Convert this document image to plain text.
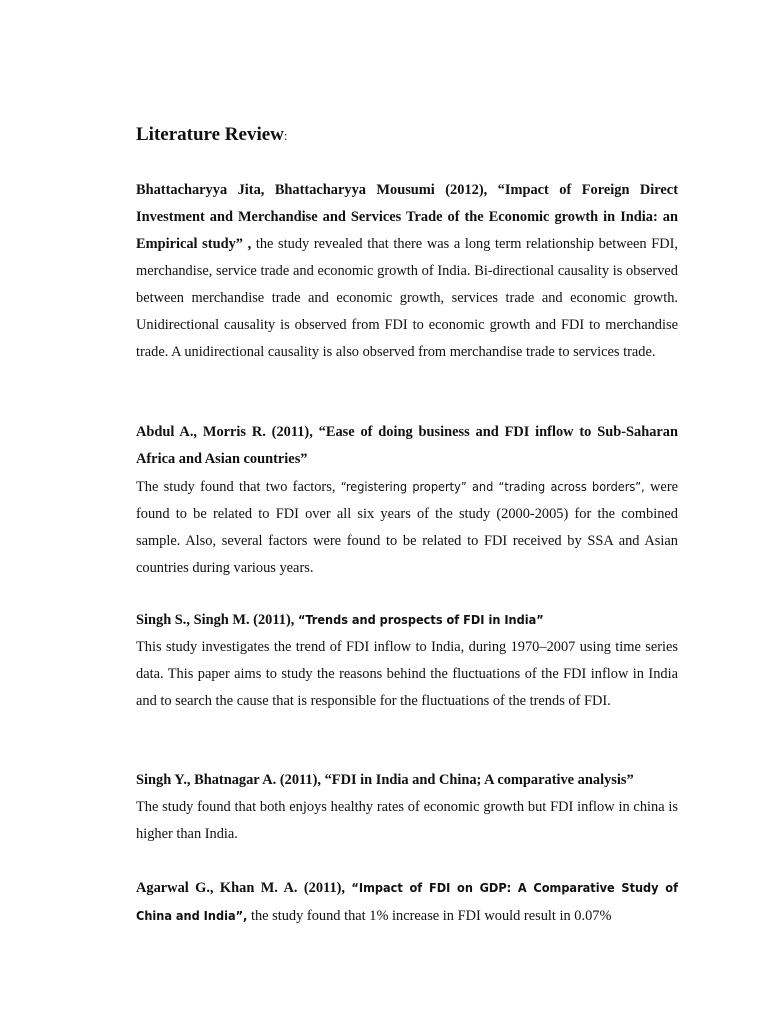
Literature Review:

Bhattacharyya Jita, Bhattacharyya Mousumi (2012), “Impact of Foreign Direct Investment and Merchandise and Services Trade of the Economic growth in India: an Empirical study” , the study revealed that there was a long term relationship between FDI, merchandise, service trade and economic growth of India. Bi-directional causality is observed between merchandise trade and economic growth, services trade and economic growth. Unidirectional causality is observed from FDI to economic growth and FDI to merchandise trade. A unidirectional causality is also observed from merchandise trade to services trade.

Abdul A., Morris R. (2011), “Ease of doing business and FDI inflow to Sub-Saharan Africa and Asian countries”

The study found that two factors, “registering property” and “trading across borders”, were found to be related to FDI over all six years of the study (2000-2005) for the combined sample. Also, several factors were found to be related to FDI received by SSA and Asian countries during various years.

Singh S., Singh M. (2011), “Trends and prospects of FDI in India”

This study investigates the trend of FDI inflow to India, during 1970–2007 using time series data. This paper aims to study the reasons behind the fluctuations of the FDI inflow in India and to search the cause that is responsible for the fluctuations of the trends of FDI.

Singh Y., Bhatnagar A. (2011), “FDI in India and China; A comparative analysis”

The study found that both enjoys healthy rates of economic growth but FDI inflow in china is higher than India.

Agarwal G., Khan M. A. (2011), “Impact of FDI on GDP: A Comparative Study of China and India”, the study found that 1% increase in FDI would result in 0.07%
